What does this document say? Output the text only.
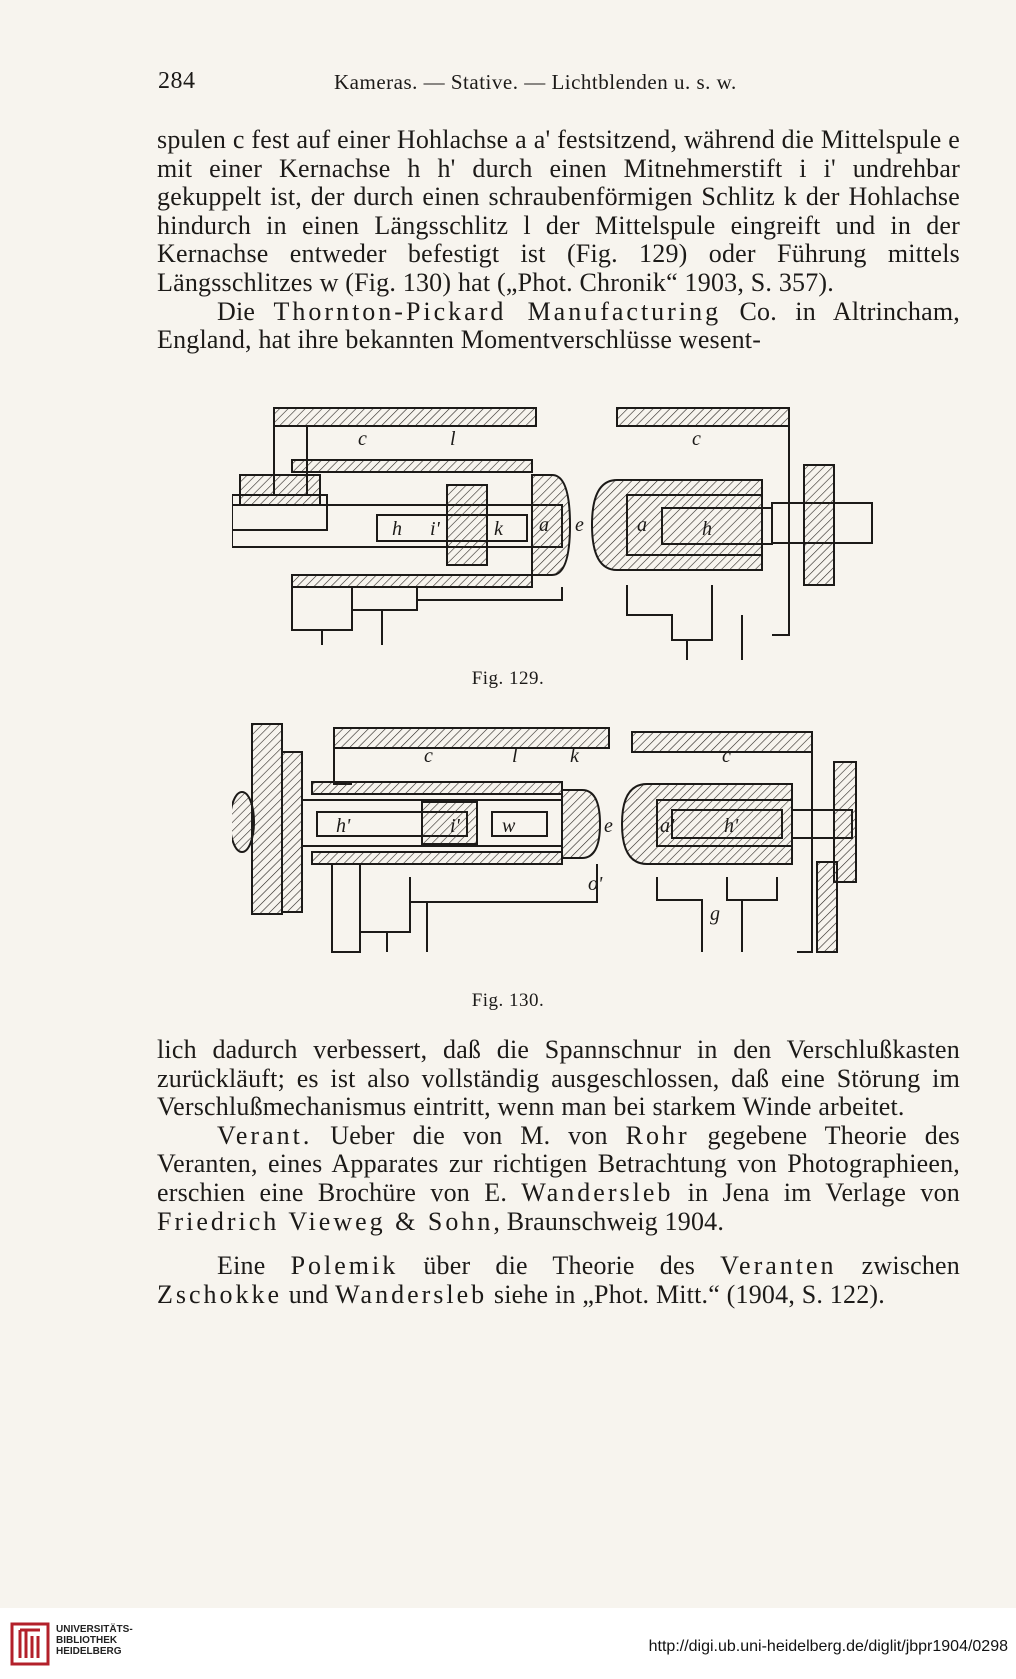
284	Kameras. — Stative. — Lichtblenden u. s. w.

spulen c fest auf einer Hohlachse a a' festsitzend, während die Mittelspule e mit einer Kernachse h h' durch einen Mitnehmerstift i i' undrehbar gekuppelt ist, der durch einen schraubenförmigen Schlitz k der Hohlachse hindurch in einen Längsschlitz l der Mittelspule eingreift und in der Kernachse entweder befestigt ist (Fig. 129) oder Führung mittels Längsschlitzes w (Fig. 130) hat („Phot. Chronik“ 1903, S. 357).

Die Thornton-Pickard Manufacturing Co. in Altrincham, England, hat ihre bekannten Momentverschlüsse wesent-

c	l
h i'	k a e
c
a	h
Fig. 129.
c	l	k
h'	i' w
o'
e
c
a' h'
g
Fig. 130.

lich dadurch verbessert, daß die Spannschnur in den Verschlußkasten zurückläuft; es ist also vollständig ausgeschlossen, daß eine Störung im Verschlußmechanismus eintritt, wenn man bei starkem Winde arbeitet.

Verant. Ueber die von M. von Rohr gegebene Theorie des Veranten, eines Apparates zur richtigen Betrachtung von Photographieen, erschien eine Brochüre von E. Wandersleb in Jena im Verlage von Friedrich Vieweg & Sohn, Braunschweig 1904.

Eine Polemik über die Theorie des Veranten zwischen Zschokke und Wandersleb siehe in „Phot. Mitt.“ (1904, S. 122).

UNIVERSITÄTS-
BIBLIOTHEK
HEIDELBERG	http://digi.ub.uni-heidelberg.de/diglit/jbpr1904/0298
